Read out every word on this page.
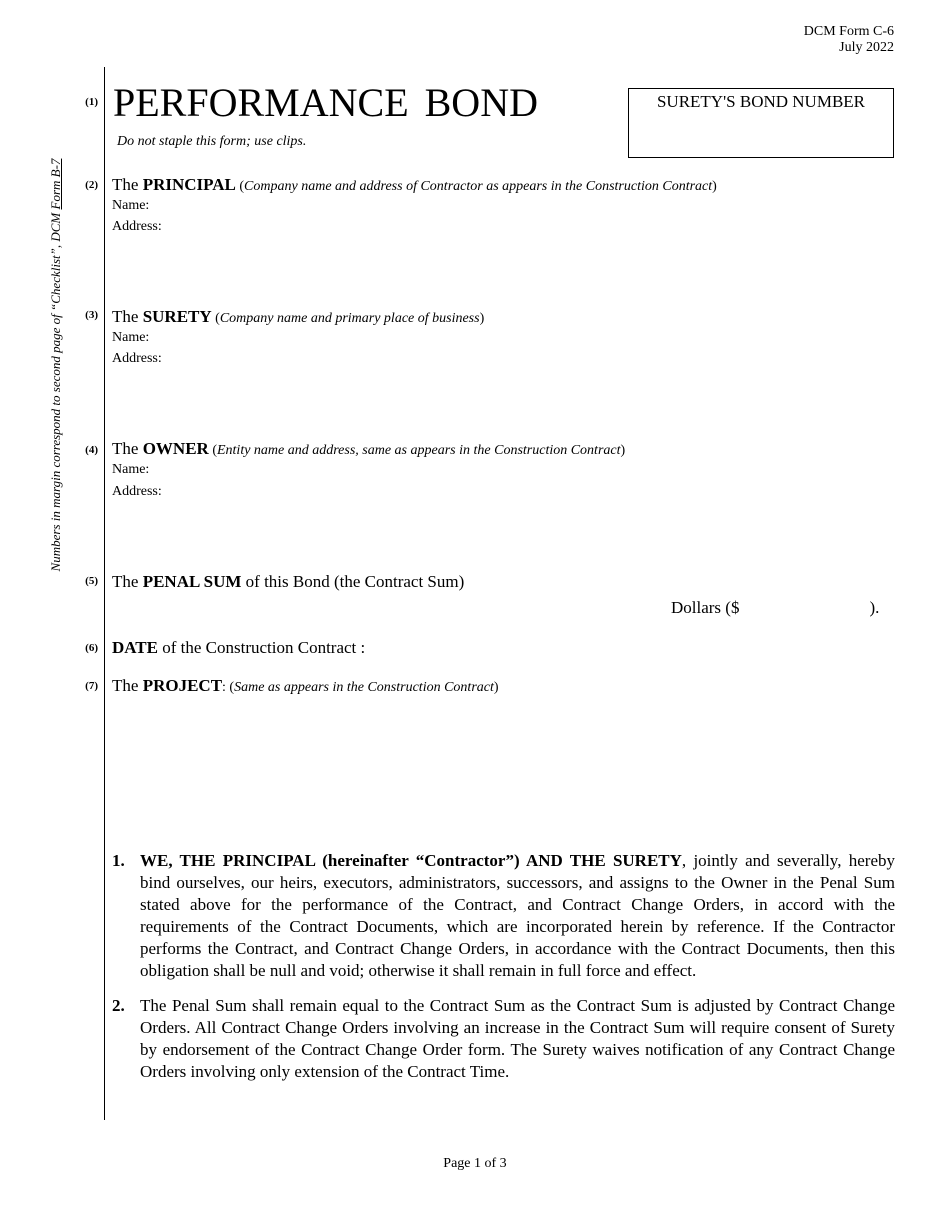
DCM Form C-6
July 2022
Numbers in margin correspond to second page of “Checklist”, DCM Form B-7
(1) PERFORMANCE BOND
Do not staple this form; use clips.
SURETY'S BOND NUMBER
(2) The PRINCIPAL (Company name and address of Contractor as appears in the Construction Contract)
Name:
Address:
(3) The SURETY (Company name and primary place of business)
Name:
Address:
(4) The OWNER (Entity name and address, same as appears in the Construction Contract)
Name:
Address:
(5) The PENAL SUM of this Bond (the Contract Sum)
Dollars ($	).
(6) DATE of the Construction Contract :
(7) The PROJECT: (Same as appears in the Construction Contract)
1. WE, THE PRINCIPAL (hereinafter “Contractor”) AND THE SURETY, jointly and severally, hereby bind ourselves, our heirs, executors, administrators, successors, and assigns to the Owner in the Penal Sum stated above for the performance of the Contract, and Contract Change Orders, in accord with the requirements of the Contract Documents, which are incorporated herein by reference. If the Contractor performs the Contract, and Contract Change Orders, in accordance with the Contract Documents, then this obligation shall be null and void; otherwise it shall remain in full force and effect.
2. The Penal Sum shall remain equal to the Contract Sum as the Contract Sum is adjusted by Contract Change Orders. All Contract Change Orders involving an increase in the Contract Sum will require consent of Surety by endorsement of the Contract Change Order form. The Surety waives notification of any Contract Change Orders involving only extension of the Contract Time.
Page 1 of 3
